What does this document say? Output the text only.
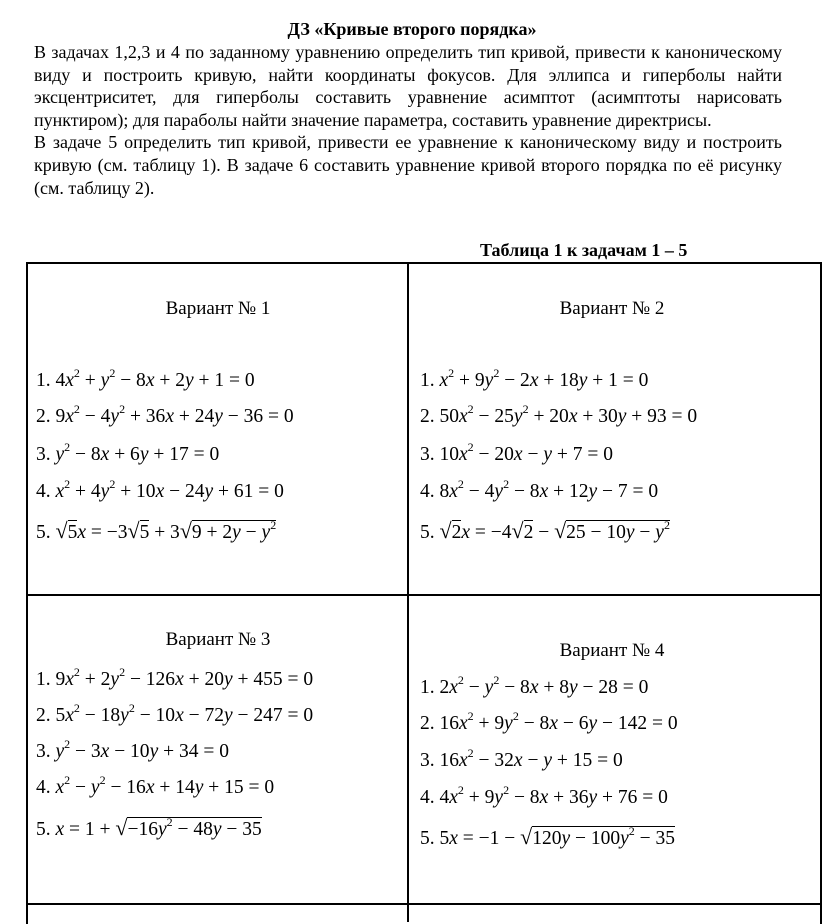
ДЗ «Кривые второго порядка»

В задачах 1,2,3 и 4 по заданному уравнению определить тип кривой, привести к каноническому виду и построить кривую, найти координаты фокусов. Для эллипса и гиперболы найти эксцентриситет, для гиперболы составить уравнение асимптот (асимптоты нарисовать пунктиром); для параболы найти значение параметра, составить уравнение директрисы.

В задаче 5 определить тип кривой, привести ее уравнение к каноническому виду и построить кривую (см. таблицу 1). В задаче 6 составить уравнение кривой второго порядка по её рисунку (см. таблицу 2).

Таблица 1 к задачам 1 – 5
Вариант № 1
1. $4x^2 + y^2 - 8x + 2y + 1 = 0$
2. $9x^2 - 4y^2 + 36x + 24y - 36 = 0$
3. $y^2 - 8x + 6y + 17 = 0$
4. $x^2 + 4y^2 + 10x - 24y + 61 = 0$
5. $√5x = -3√5 + 3√9 + 2y - y^2$
Вариант № 2
1. $x^2 + 9y^2 - 2x + 18y + 1 = 0$
2. $50x^2 - 25y^2 + 20x + 30y + 93 = 0$
3. $10x^2 - 20x - y + 7 = 0$
4. $8x^2 - 4y^2 - 8x + 12y - 7 = 0$
5. $√2x = -4√2 - √25 - 10y - y^2$
Вариант № 3
1. $9x^2 + 2y^2 - 126x + 20y + 455 = 0$
2. $5x^2 - 18y^2 - 10x - 72y - 247 = 0$
3. $y^2 - 3x - 10y + 34 = 0$
4. $x^2 - y^2 - 16x + 14y + 15 = 0$
5. $x = 1 + √-16y^2 - 48y - 35$
Вариант № 4
1. $2x^2 - y^2 - 8x + 8y - 28 = 0$
2. $16x^2 + 9y^2 - 8x - 6y - 142 = 0$
3. $16x^2 - 32x - y + 15 = 0$
4. $4x^2 + 9y^2 - 8x + 36y + 76 = 0$
5. $5x = -1 - √120y - 100y^2 - 35$
